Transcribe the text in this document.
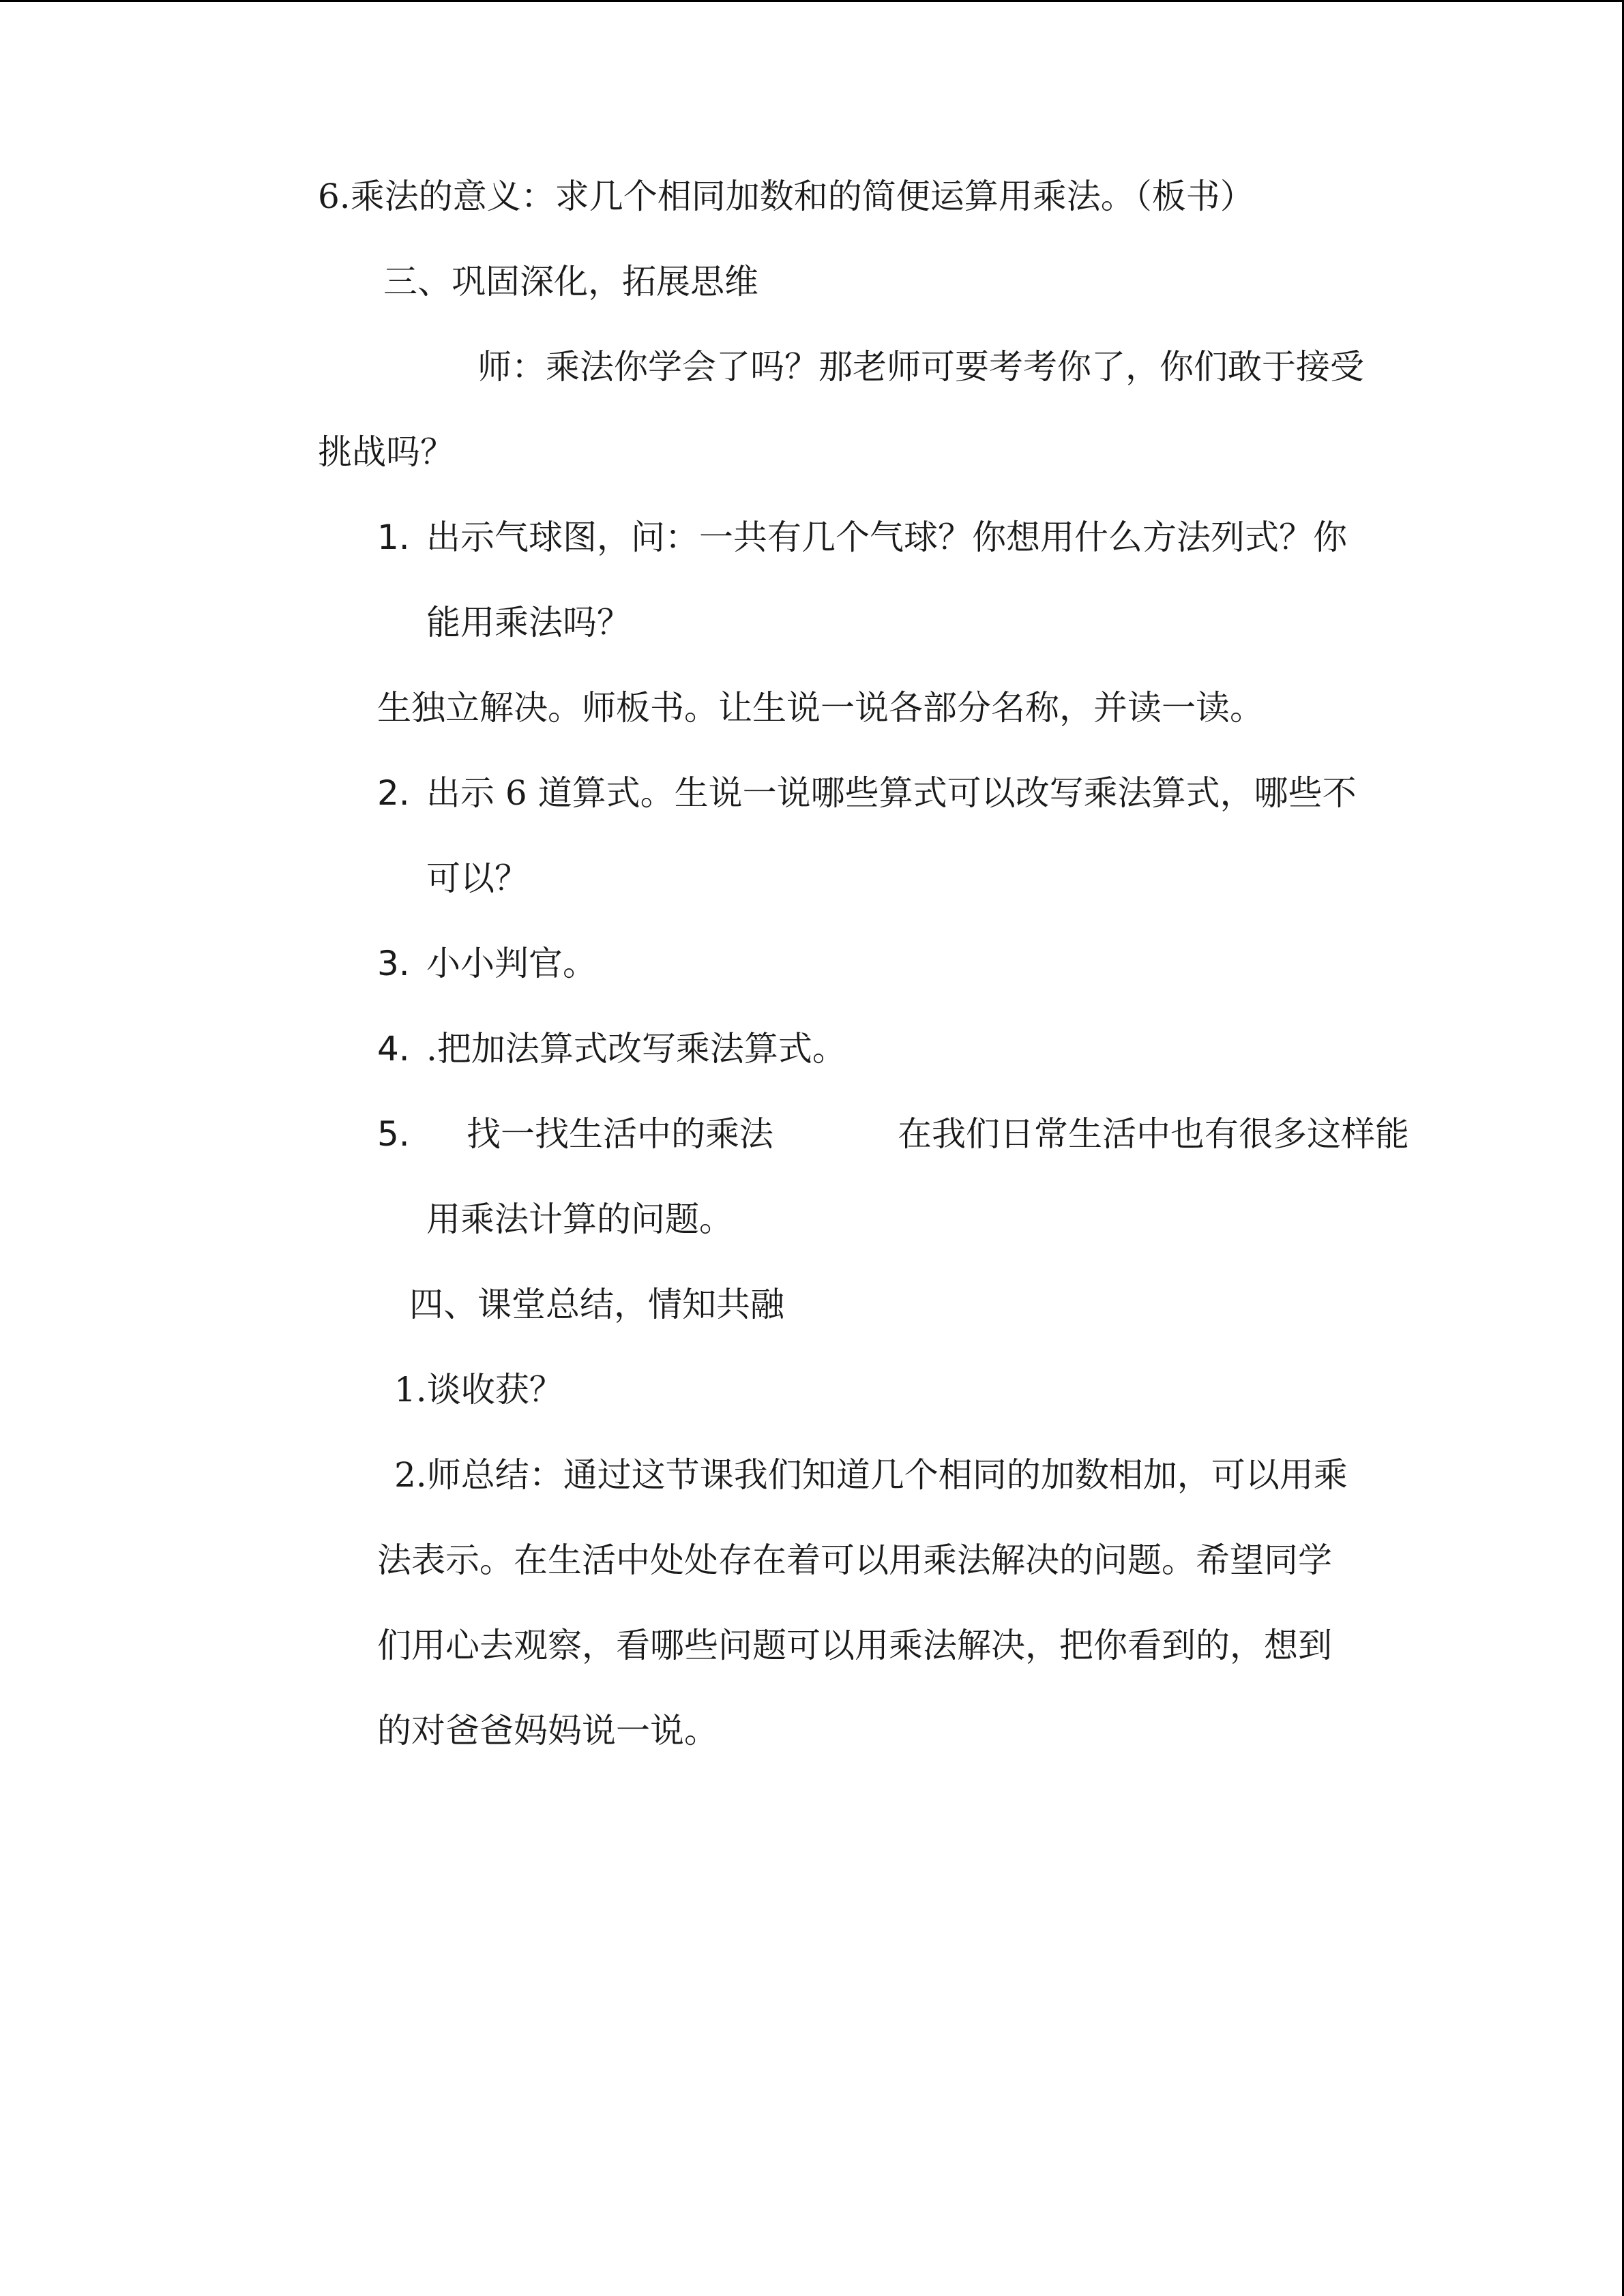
6.乘法的意义：求几个相同加数和的简便运算用乘法。（板书）
三、巩固深化，拓展思维
师：乘法你学会了吗？那老师可要考考你了，你们敢于接受
挑战吗？
1. 出示气球图，问：一共有几个气球？你想用什么方法列式？你
能用乘法吗？
生独立解决。师板书。让生说一说各部分名称，并读一读。
2. 出示 6 道算式。生说一说哪些算式可以改写乘法算式，哪些不
可以？
3. 小小判官。
4. .把加法算式改写乘法算式。
5. 找一找生活中的乘法	在我们日常生活中也有很多这样能
用乘法计算的问题。
四、课堂总结，情知共融
1.谈收获？
2.师总结：通过这节课我们知道几个相同的加数相加，可以用乘
法表示。在生活中处处存在着可以用乘法解决的问题。希望同学
们用心去观察，看哪些问题可以用乘法解决，把你看到的，想到
的对爸爸妈妈说一说。
